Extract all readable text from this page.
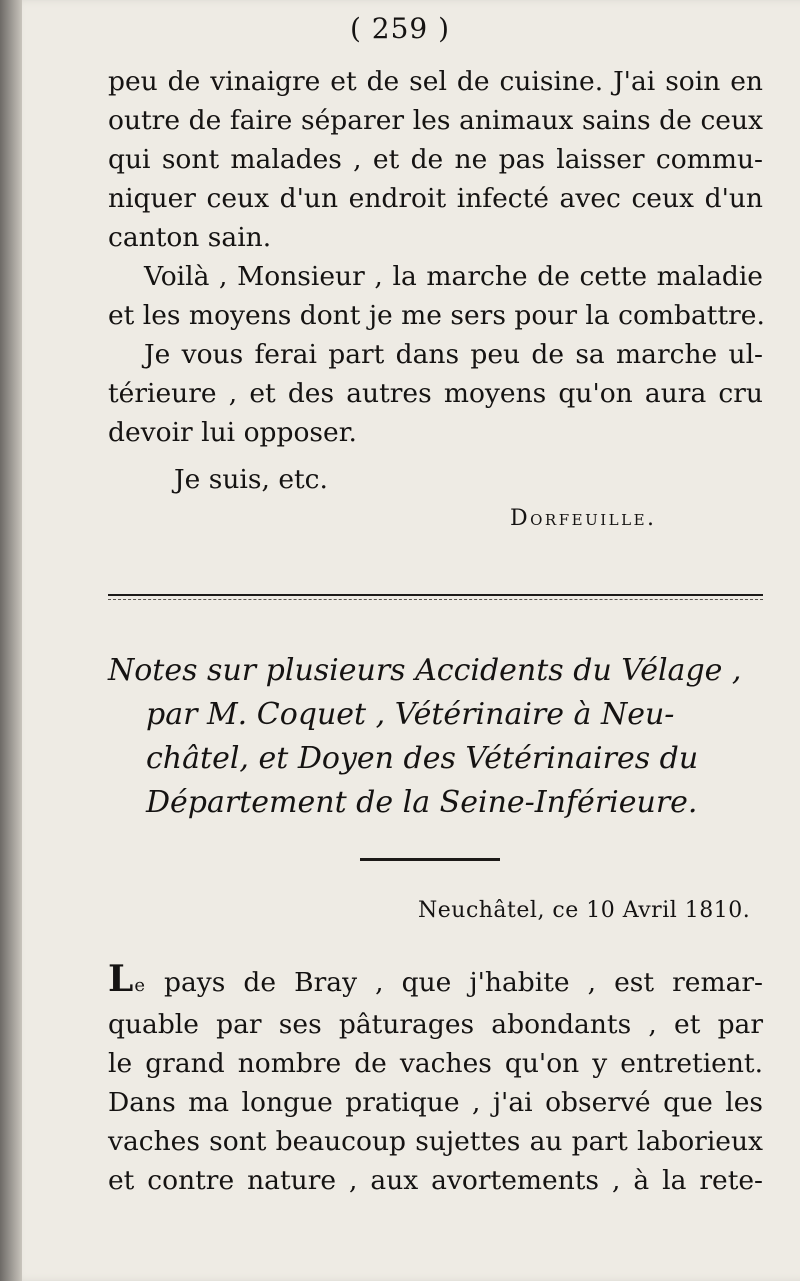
( 259 )
peu de vinaigre et de sel de cuisine. J'ai soin en
outre de faire séparer les animaux sains de ceux
qui sont malades , et de ne pas laisser commu-
niquer ceux d'un endroit infecté avec ceux d'un
canton sain.
Voilà , Monsieur , la marche de cette maladie
et les moyens dont je me sers pour la combattre.
Je vous ferai part dans peu de sa marche ul-
térieure , et des autres moyens qu'on aura cru
devoir lui opposer.
Je suis, etc.
Dorfeuille.
Notes sur plusieurs Accidents du Vélage ,
par M. Coquet , Vétérinaire à Neu-
châtel, et Doyen des Vétérinaires du
Département de la Seine-Inférieure.
Neuchâtel, ce 10 Avril 1810.
Le pays de Bray , que j'habite , est remar-
quable par ses pâturages abondants , et par
le grand nombre de vaches qu'on y entretient.
Dans ma longue pratique , j'ai observé que les
vaches sont beaucoup sujettes au part laborieux
et contre nature , aux avortements , à la rete-
